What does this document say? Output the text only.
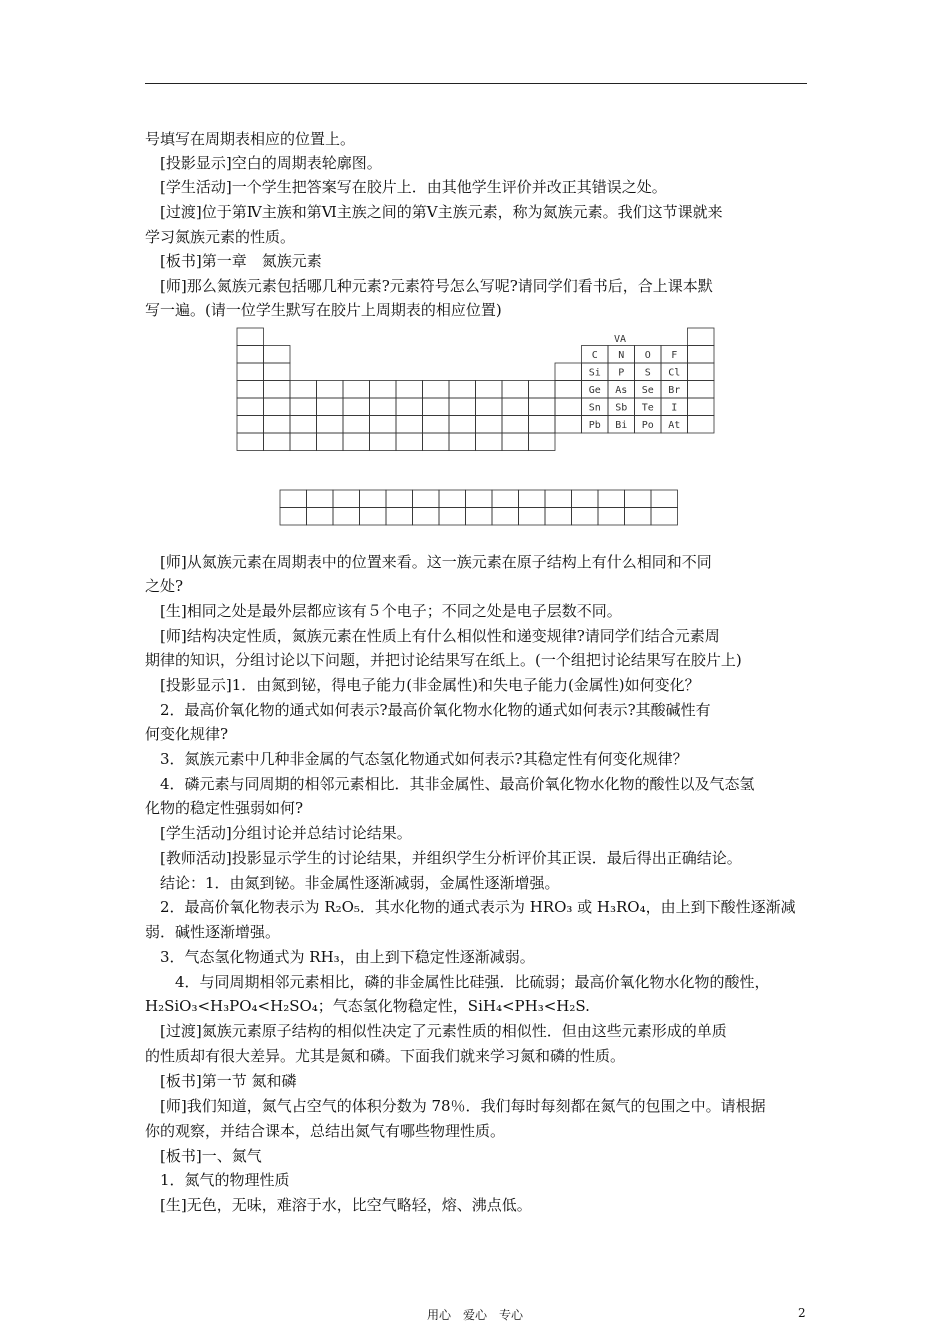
号填写在周期表相应的位置上。
[投影显示]空白的周期表轮廓图。
[学生活动]一个学生把答案写在胶片上．由其他学生评价并改正其错误之处。
[过渡]位于第Ⅳ主族和第Ⅵ主族之间的第Ⅴ主族元素，称为氮族元素。我们这节课就来
学习氮族元素的性质。
[板书]第一章　氮族元素
[师]那么氮族元素包括哪几种元素?元素符号怎么写呢?请同学们看书后，合上课本默
写一遍。(请一位学生默写在胶片上周期表的相应位置)
C N O F
Si P S Cl
Ge As Se Br
Sn Sb Te I
Pb Bi Po At
VA
[师]从氮族元素在周期表中的位置来看。这一族元素在原子结构上有什么相同和不同
之处?
[生]相同之处是最外层都应该有５个电子；不同之处是电子层数不同。
[师]结构决定性质，氮族元素在性质上有什么相似性和递变规律?请同学们结合元素周
期律的知识，分组讨论以下问题，并把讨论结果写在纸上。(一个组把讨论结果写在胶片上)
[投影显示]1．由氮到铋，得电子能力(非金属性)和失电子能力(金属性)如何变化？
2．最高价氧化物的通式如何表示?最高价氧化物水化物的通式如何表示?其酸碱性有
何变化规律?
3．氮族元素中几种非金属的气态氢化物通式如何表示?其稳定性有何变化规律？
4．磷元素与同周期的相邻元素相比．其非金属性、最高价氧化物水化物的酸性以及气态氢
化物的稳定性强弱如何?
[学生活动]分组讨论并总结讨论结果。
[教师活动]投影显示学生的讨论结果，并组织学生分析评价其正误．最后得出正确结论。
结论：1．由氮到铋。非金属性逐渐减弱，金属性逐渐增强。
2．最高价氧化物表示为 R₂O₅．其水化物的通式表示为 HRO₃ 或 H₃RO₄，由上到下酸性逐渐减
弱．碱性逐渐增强。
3．气态氢化物通式为 RH₃，由上到下稳定性逐渐减弱。
4．与同周期相邻元素相比，磷的非金属性比硅强．比硫弱；最高价氧化物水化物的酸性，
H₂SiO₃<H₃PO₄<H₂SO₄；气态氢化物稳定性，SiH₄<PH₃<H₂S.
[过渡]氮族元素原子结构的相似性决定了元素性质的相似性．但由这些元素形成的单质
的性质却有很大差异。尤其是氮和磷。下面我们就来学习氮和磷的性质。
[板书]第一节 氮和磷
[师]我们知道，氮气占空气的体积分数为 78％．我们每时每刻都在氮气的包围之中。请根据
你的观察，并结合课本，总结出氮气有哪些物理性质。
[板书]一、氮气
1．氮气的物理性质
[生]无色，无味，难溶于水，比空气略轻，熔、沸点低。
用心　爱心　专心	2
